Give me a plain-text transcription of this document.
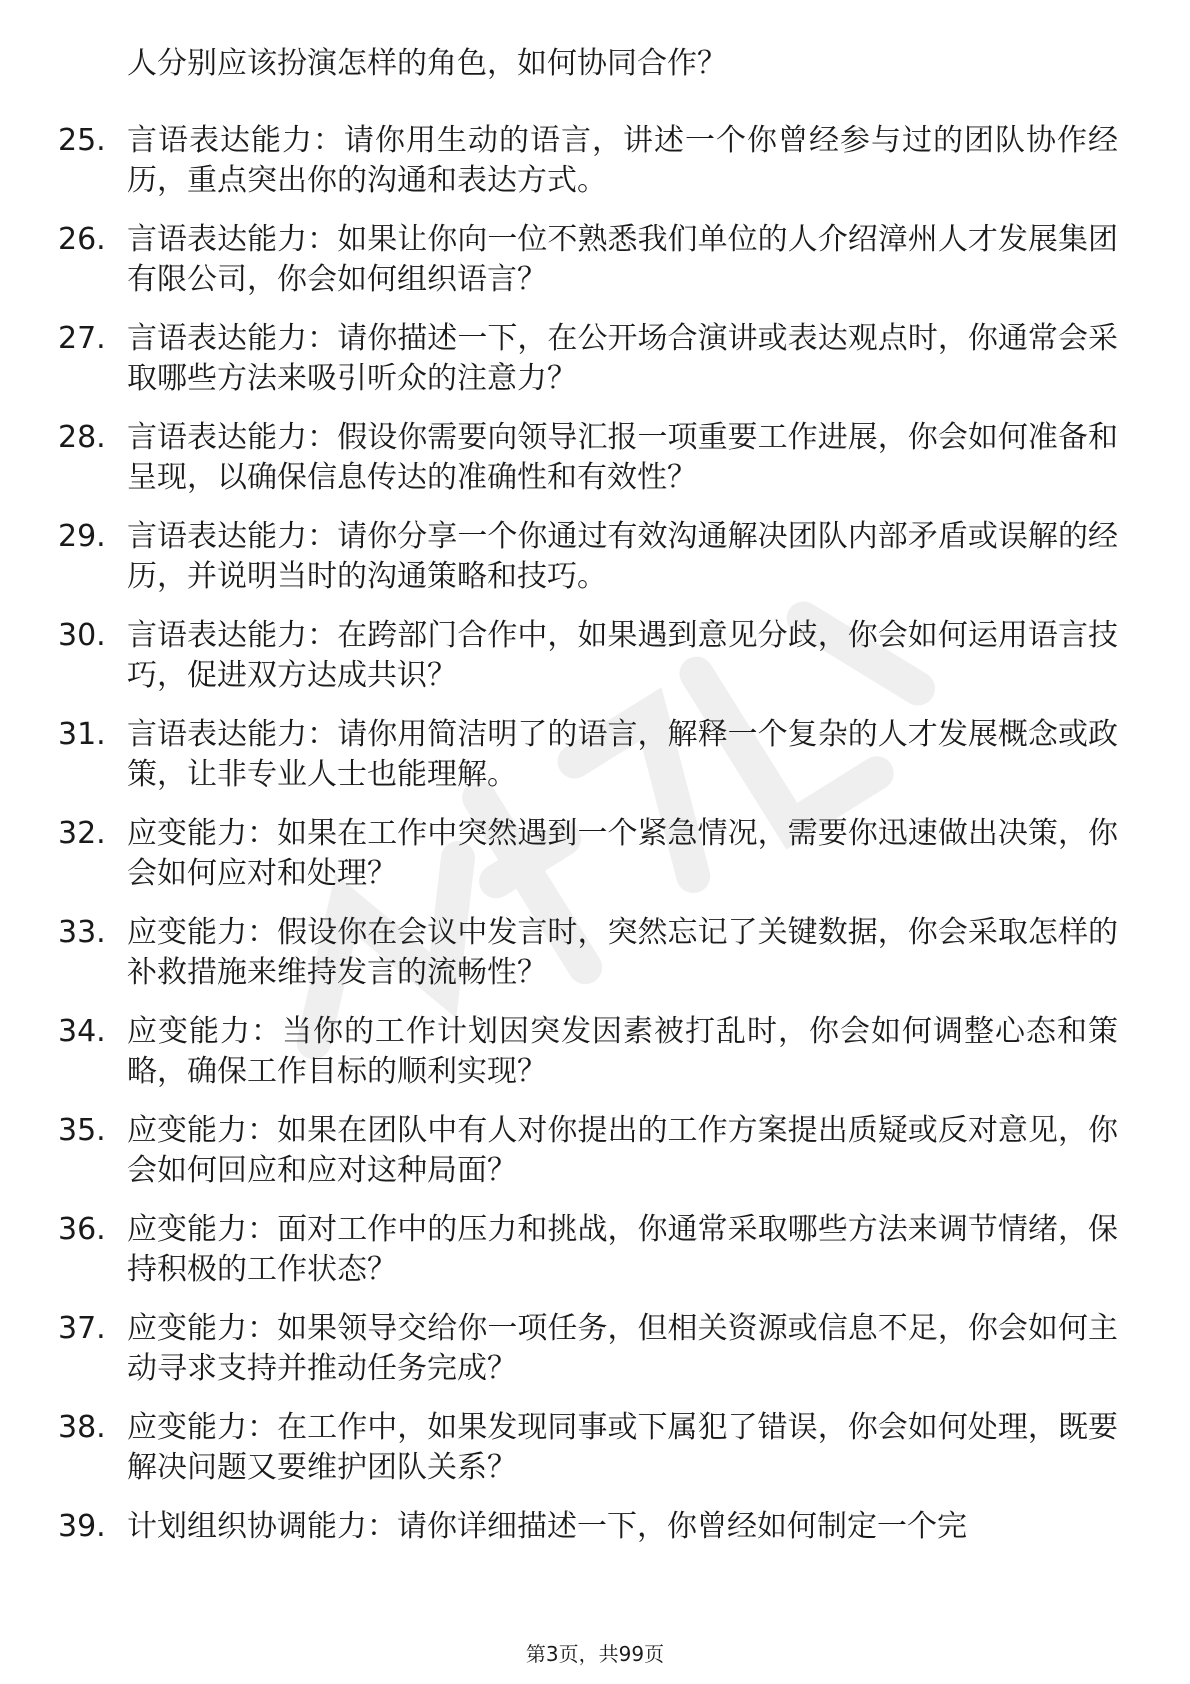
人分别应该扮演怎样的角色，如何协同合作？
25. 言语表达能力：请你用生动的语言，讲述一个你曾经参与过的团队协作经历，重点突出你的沟通和表达方式。
26. 言语表达能力：如果让你向一位不熟悉我们单位的人介绍漳州人才发展集团有限公司，你会如何组织语言？
27. 言语表达能力：请你描述一下，在公开场合演讲或表达观点时，你通常会采取哪些方法来吸引听众的注意力？
28. 言语表达能力：假设你需要向领导汇报一项重要工作进展，你会如何准备和呈现，以确保信息传达的准确性和有效性？
29. 言语表达能力：请你分享一个你通过有效沟通解决团队内部矛盾或误解的经历，并说明当时的沟通策略和技巧。
30. 言语表达能力：在跨部门合作中，如果遇到意见分歧，你会如何运用语言技巧，促进双方达成共识？
31. 言语表达能力：请你用简洁明了的语言，解释一个复杂的人才发展概念或政策，让非专业人士也能理解。
32. 应变能力：如果在工作中突然遇到一个紧急情况，需要你迅速做出决策，你会如何应对和处理？
33. 应变能力：假设你在会议中发言时，突然忘记了关键数据，你会采取怎样的补救措施来维持发言的流畅性？
34. 应变能力：当你的工作计划因突发因素被打乱时，你会如何调整心态和策略，确保工作目标的顺利实现？
35. 应变能力：如果在团队中有人对你提出的工作方案提出质疑或反对意见，你会如何回应和应对这种局面？
36. 应变能力：面对工作中的压力和挑战，你通常采取哪些方法来调节情绪，保持积极的工作状态？
37. 应变能力：如果领导交给你一项任务，但相关资源或信息不足，你会如何主动寻求支持并推动任务完成？
38. 应变能力：在工作中，如果发现同事或下属犯了错误，你会如何处理，既要解决问题又要维护团队关系？
39. 计划组织协调能力：请你详细描述一下，你曾经如何制定一个完
第3页，共99页
